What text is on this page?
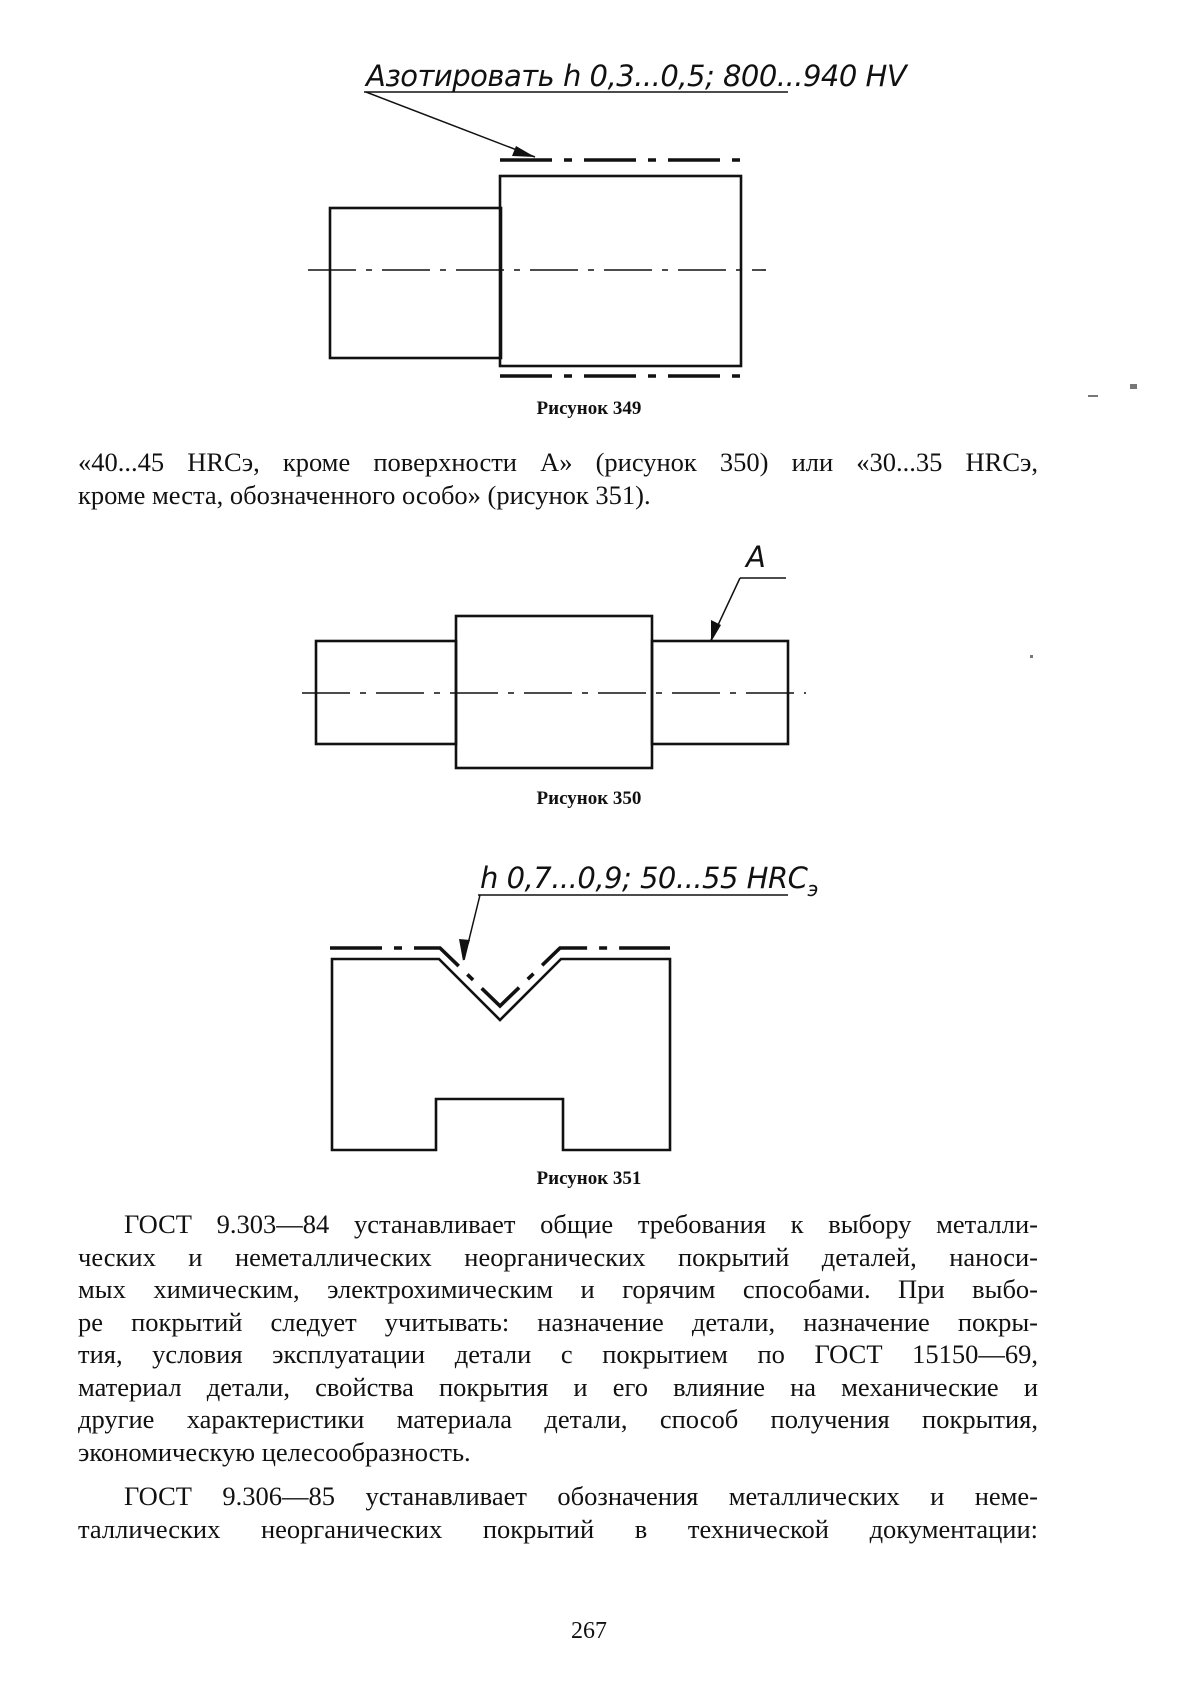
Азотировать h 0,3...0,5; 800...940 HV
A
h 0,7...0,9; 50...55 $HRC_э$
Рисунок 349
Рисунок 350
Рисунок 351
«40...45 HRCэ, кроме поверхности А» (рисунок 350) или «30...35 HRCэ,
кроме места, обозначенного особо» (рисунок 351).
ГОСТ 9.303—84 устанавливает общие требования к выбору металли-
ческих и неметаллических неорганических покрытий деталей, наноси-
мых химическим, электрохимическим и горячим способами. При выбо-
ре покрытий следует учитывать: назначение детали, назначение покры-
тия, условия эксплуатации детали с покрытием по ГОСТ 15150—69,
материал детали, свойства покрытия и его влияние на механические и
другие характеристики материала детали, способ получения покрытия,
экономическую целесообразность.
ГОСТ 9.306—85 устанавливает обозначения металлических и неме-
таллических неорганических покрытий в технической документации:
267
